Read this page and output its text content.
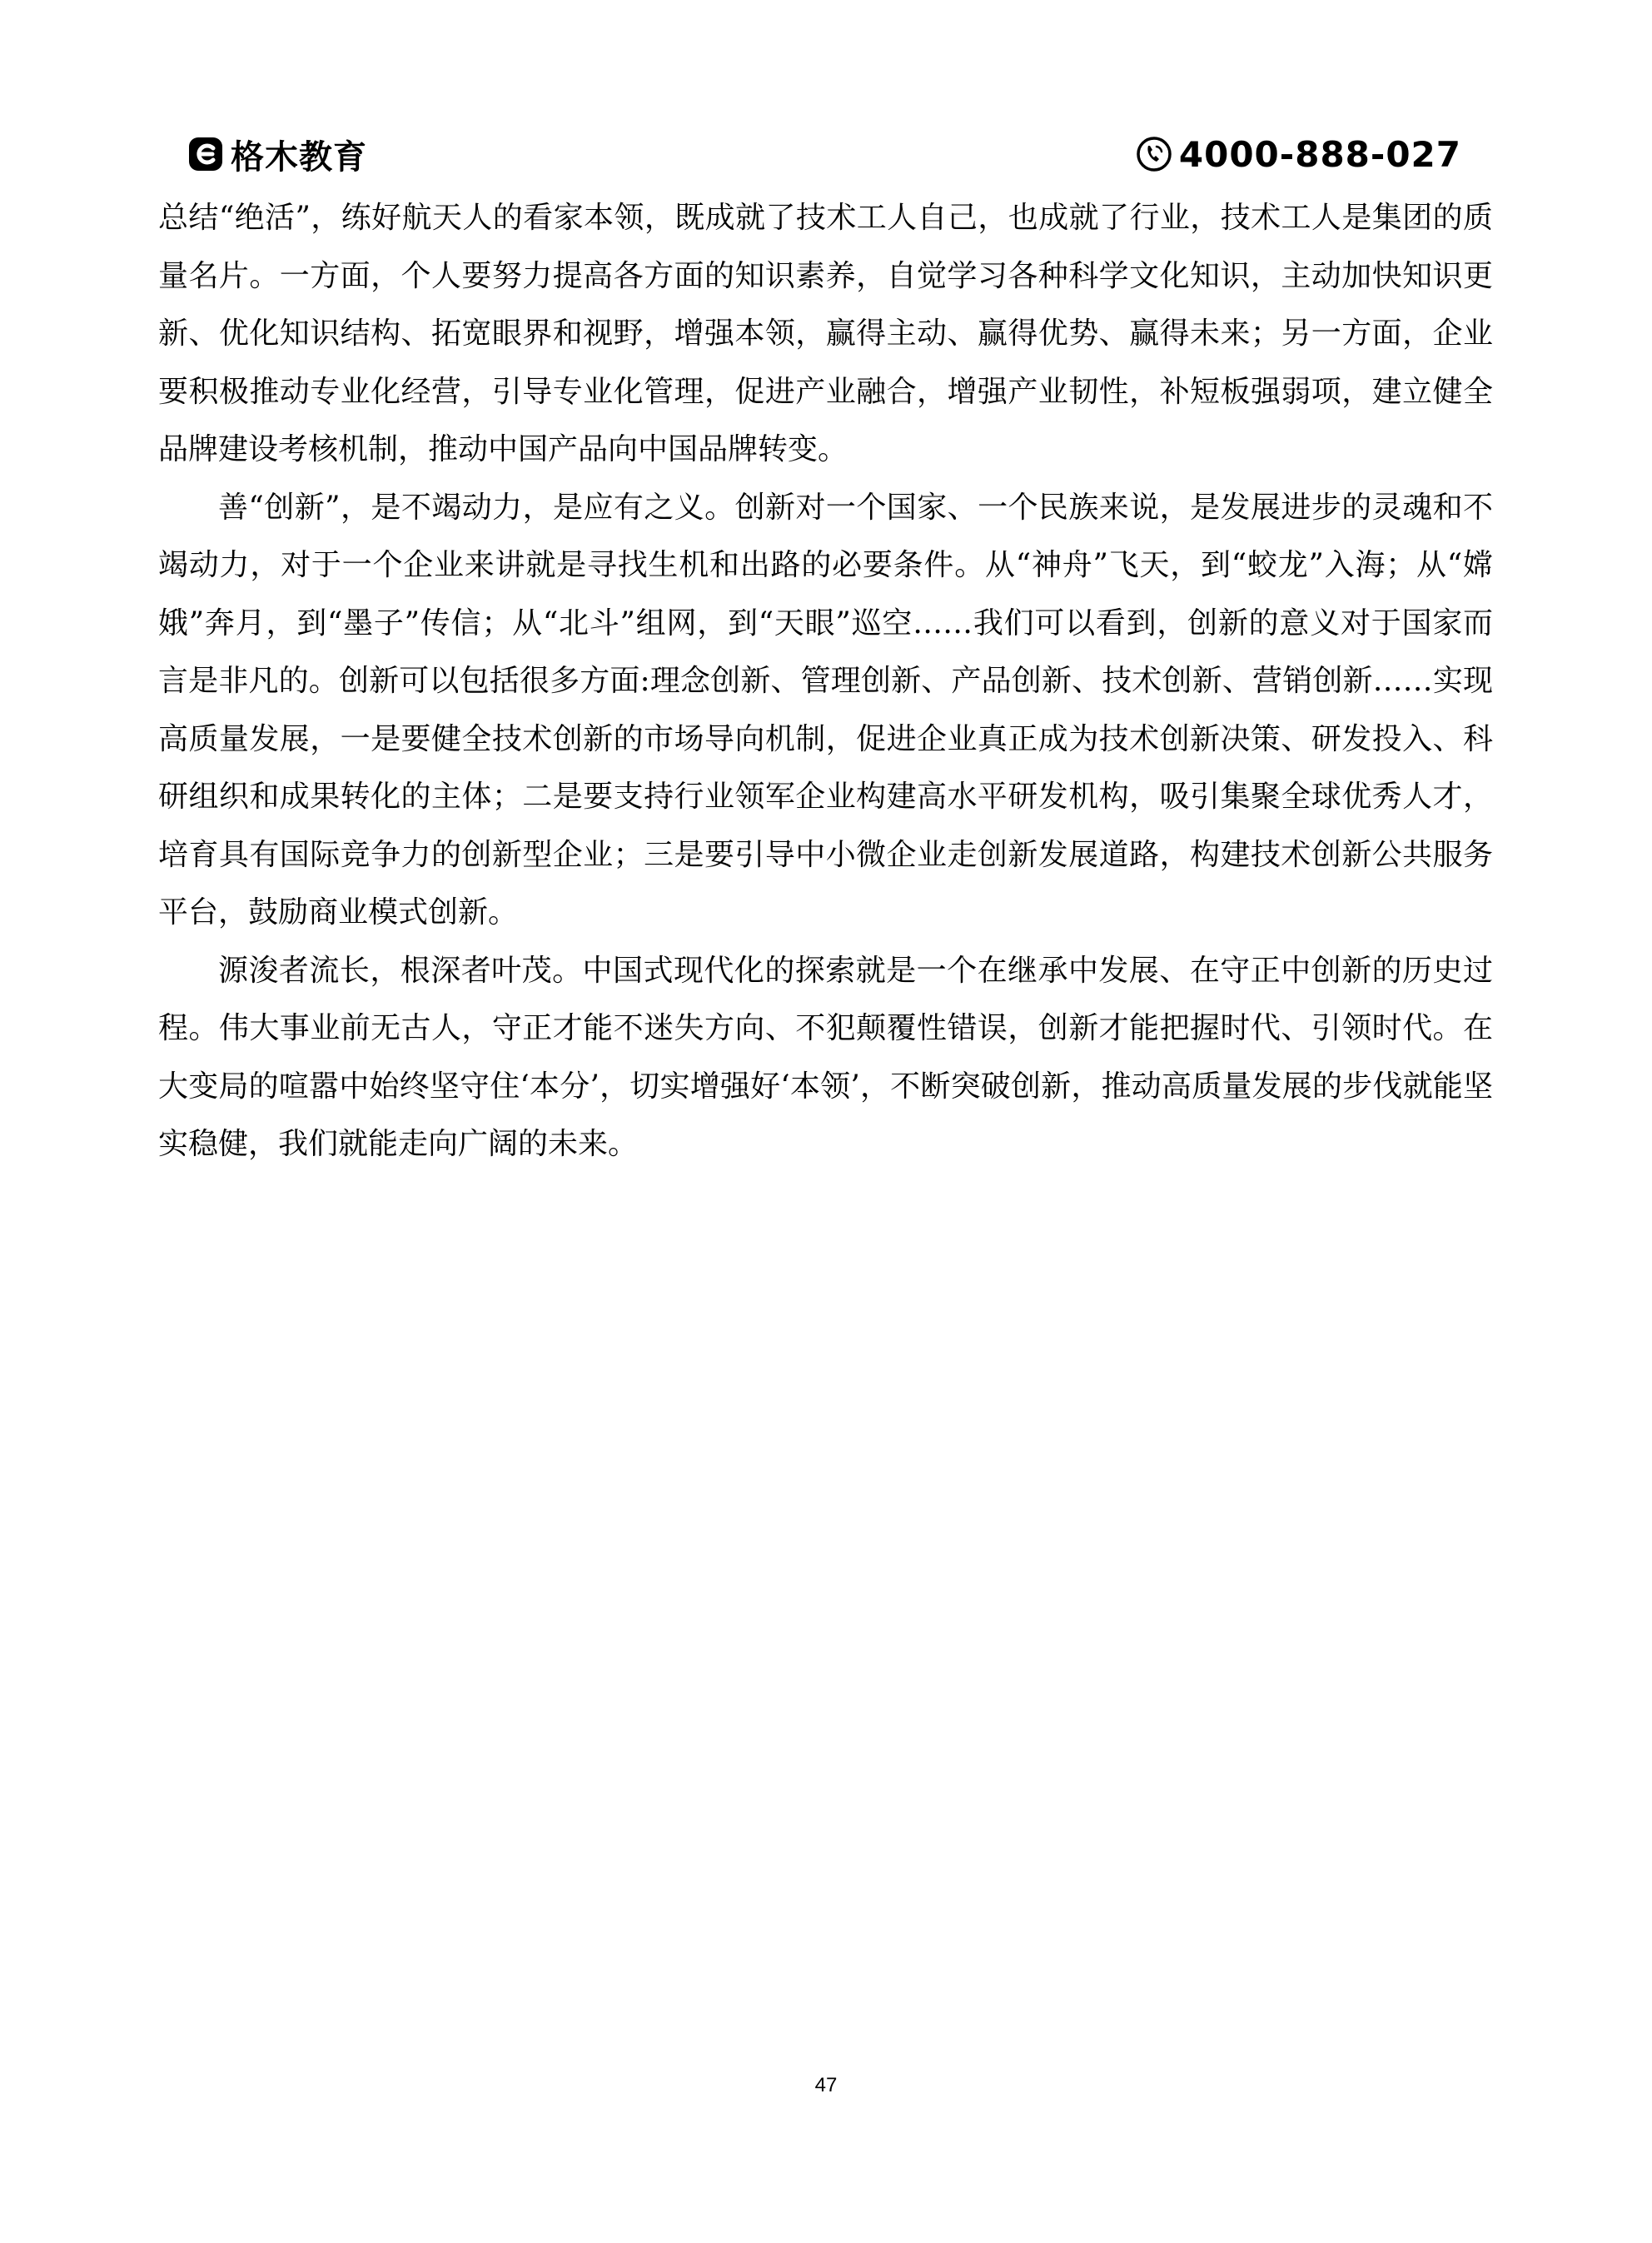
格木教育	4000-888-027

总结“绝活”，练好航天人的看家本领，既成就了技术工人自己，也成就了行业，技术工人是集团的质量名片。一方面，个人要努力提高各方面的知识素养，自觉学习各种科学文化知识，主动加快知识更新、优化知识结构、拓宽眼界和视野，增强本领，赢得主动、赢得优势、赢得未来；另一方面，企业要积极推动专业化经营，引导专业化管理，促进产业融合，增强产业韧性，补短板强弱项，建立健全品牌建设考核机制，推动中国产品向中国品牌转变。

善“创新”，是不竭动力，是应有之义。创新对一个国家、一个民族来说，是发展进步的灵魂和不竭动力，对于一个企业来讲就是寻找生机和出路的必要条件。从“神舟”飞天，到“蛟龙”入海；从“嫦娥”奔月，到“墨子”传信；从“北斗”组网，到“天眼”巡空……我们可以看到，创新的意义对于国家而言是非凡的。创新可以包括很多方面:理念创新、管理创新、产品创新、技术创新、营销创新……实现高质量发展，一是要健全技术创新的市场导向机制，促进企业真正成为技术创新决策、研发投入、科研组织和成果转化的主体；二是要支持行业领军企业构建高水平研发机构，吸引集聚全球优秀人才，培育具有国际竞争力的创新型企业；三是要引导中小微企业走创新发展道路，构建技术创新公共服务平台，鼓励商业模式创新。

源浚者流长，根深者叶茂。中国式现代化的探索就是一个在继承中发展、在守正中创新的历史过程。伟大事业前无古人，守正才能不迷失方向、不犯颠覆性错误，创新才能把握时代、引领时代。在大变局的喧嚣中始终坚守住‘本分’，切实增强好‘本领’，不断突破创新，推动高质量发展的步伐就能坚实稳健，我们就能走向广阔的未来。

47
